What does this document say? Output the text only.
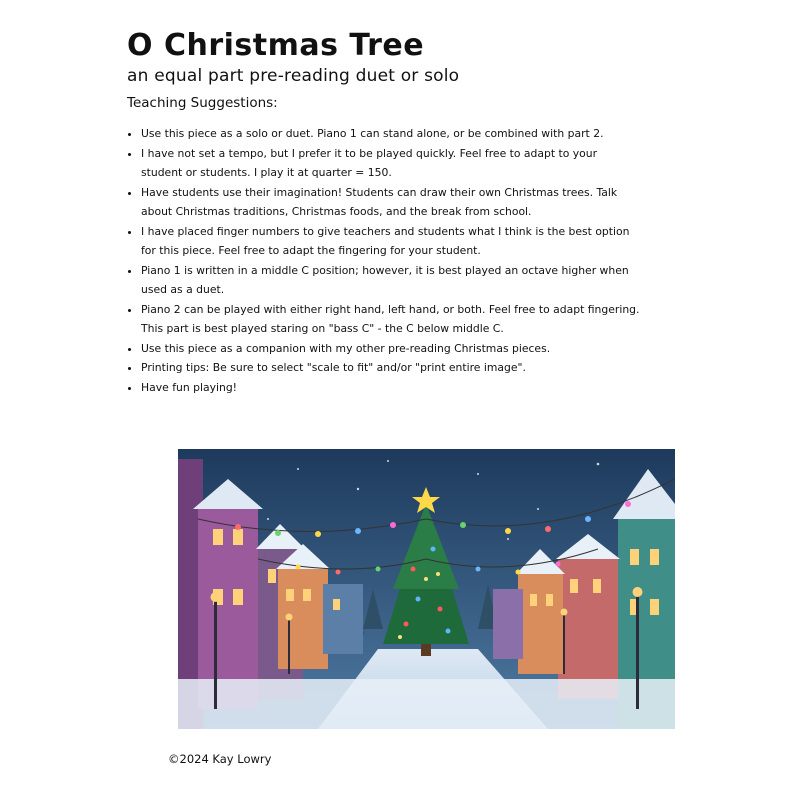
O Christmas Tree
an equal part pre-reading duet or solo
Teaching Suggestions:
• Use this piece as a solo or duet. Piano 1 can stand alone, or be combined with part 2.
• I have not set a tempo, but I prefer it to be played quickly. Feel free to adapt to your student or students. I play it at quarter = 150.
• Have students use their imagination! Students can draw their own Christmas trees. Talk about Christmas traditions, Christmas foods, and the break from school.
• I have placed finger numbers to give teachers and students what I think is the best option for this piece. Feel free to adapt the fingering for your student.
• Piano 1 is written in a middle C position; however, it is best played an octave higher when used as a duet.
• Piano 2 can be played with either right hand, left hand, or both. Feel free to adapt fingering. This part is best played staring on "bass C" - the C below middle C.
• Use this piece as a companion with my other pre-reading Christmas pieces.
• Printing tips: Be sure to select "scale to fit" and/or "print entire image".
• Have fun playing!
©2024 Kay Lowry
